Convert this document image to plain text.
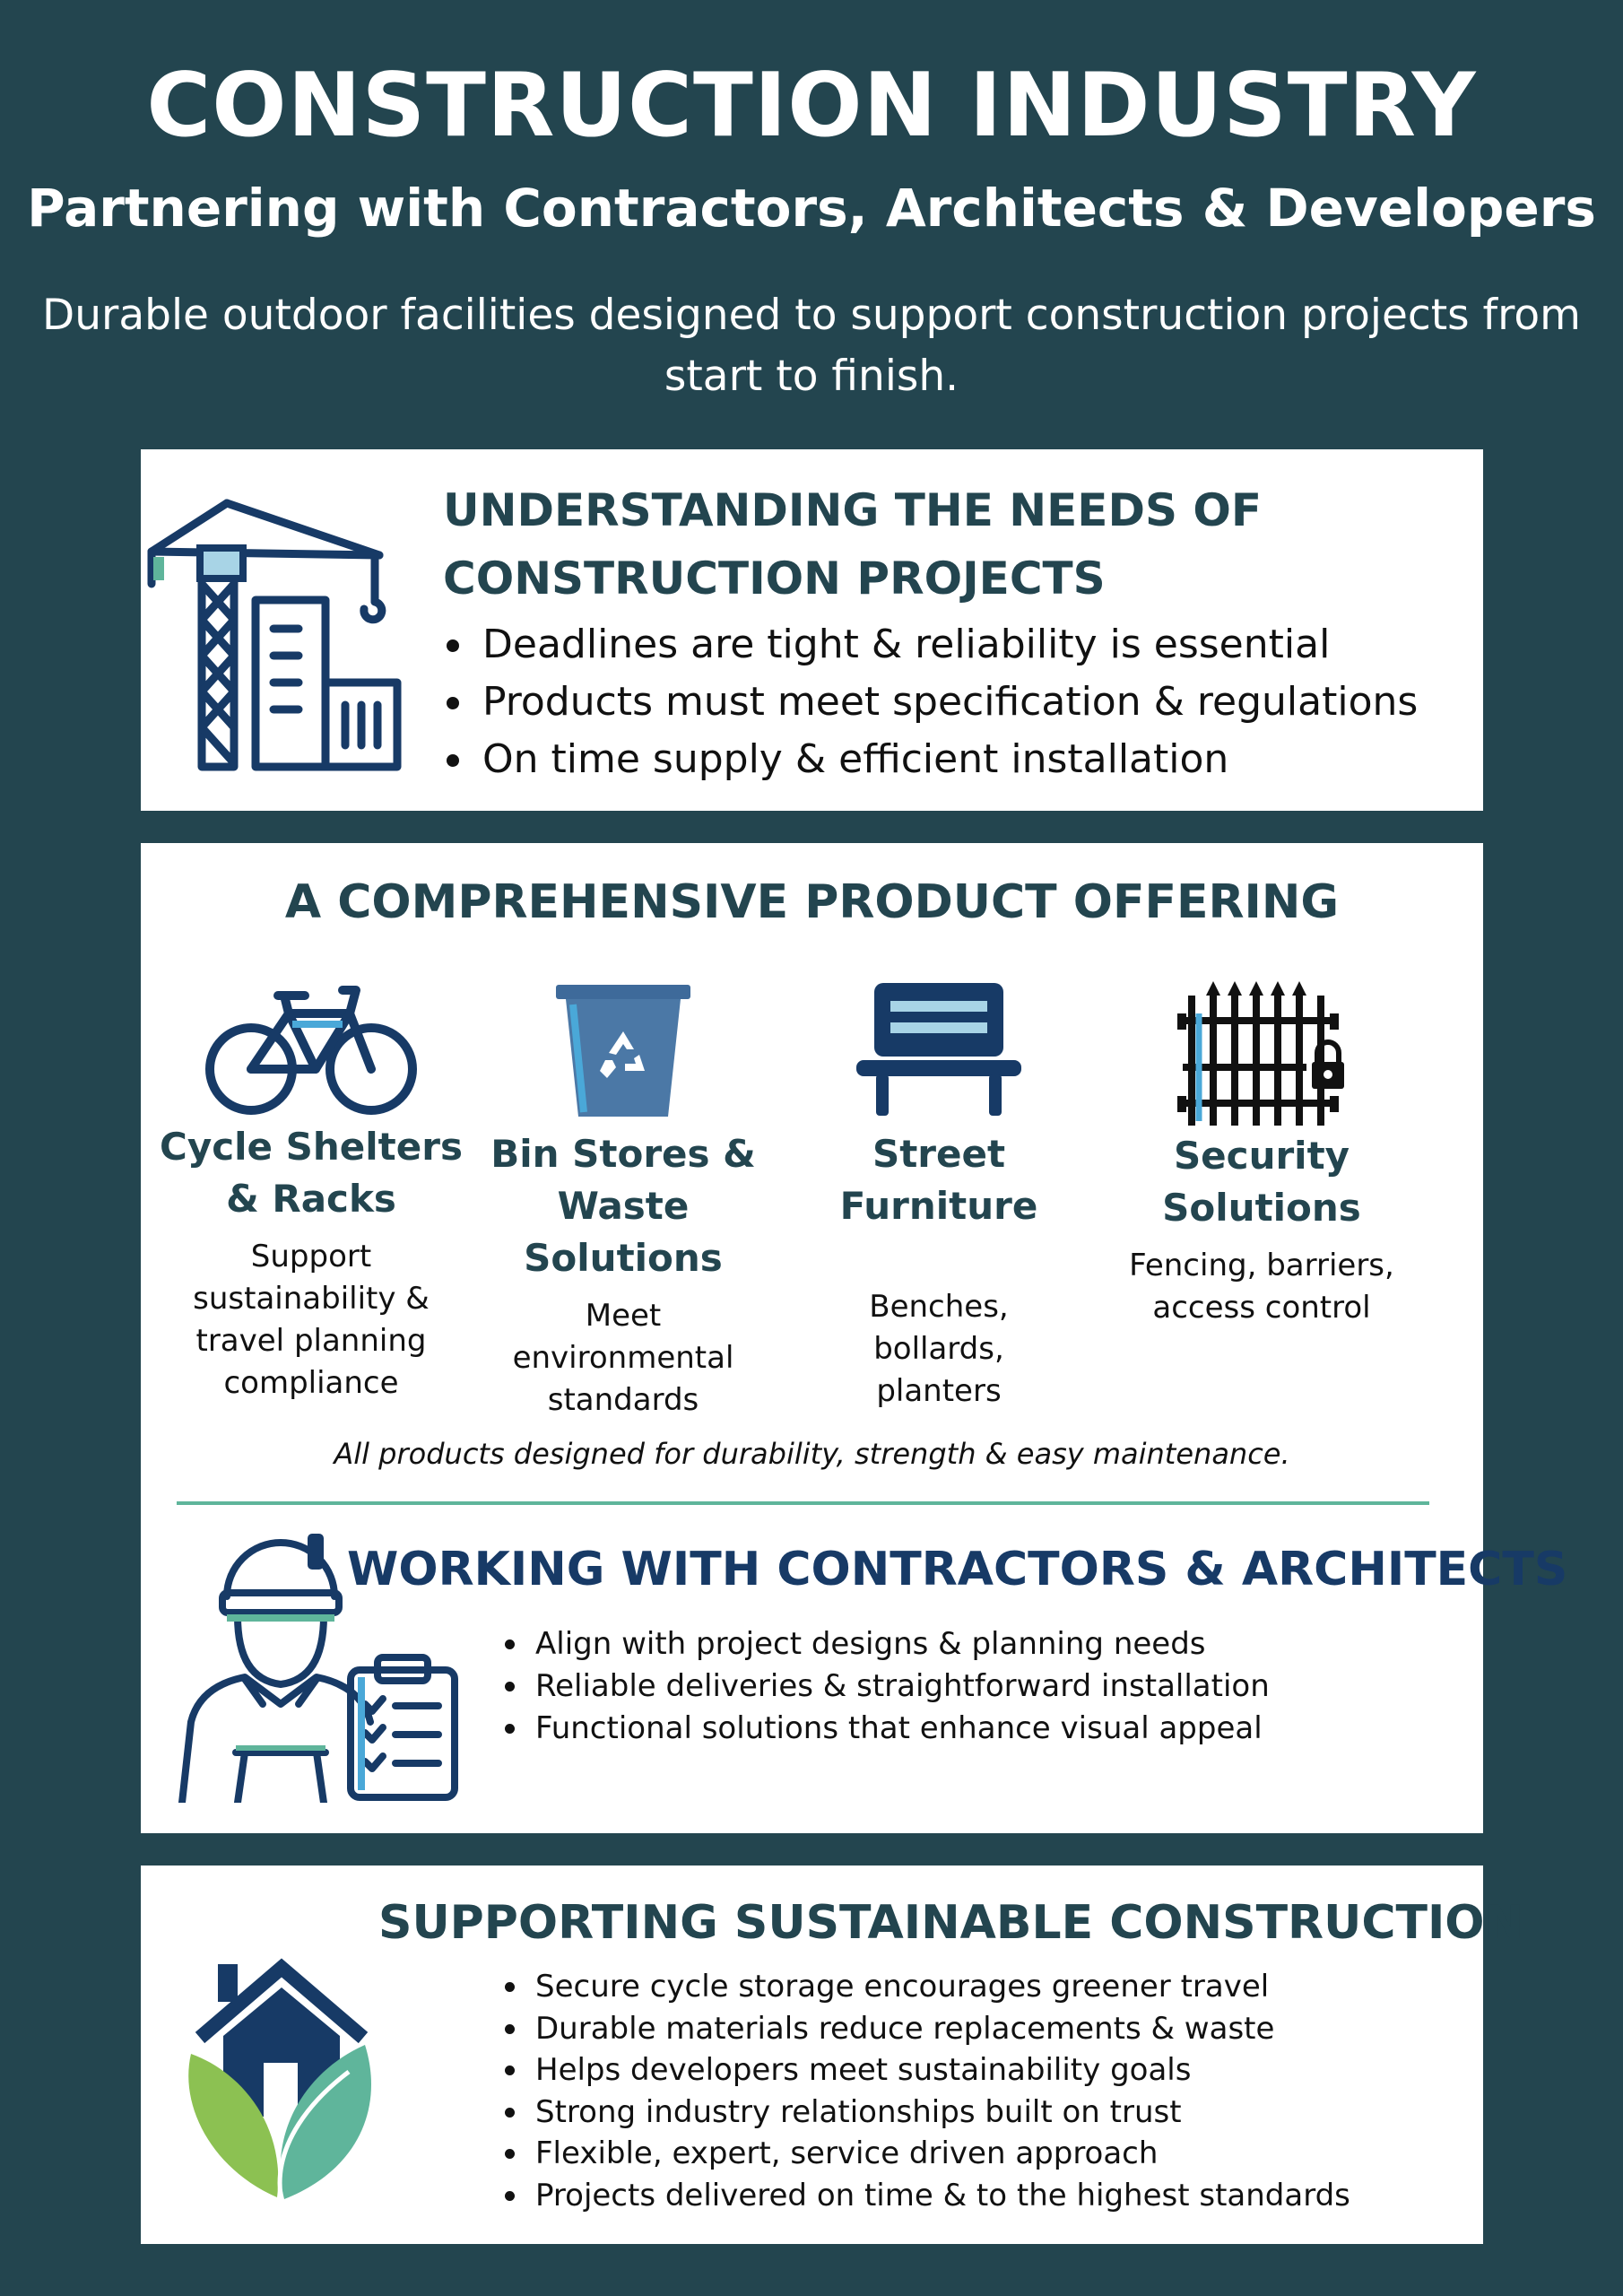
CONSTRUCTION INDUSTRY
Partnering with Contractors, Architects & Developers
Durable outdoor facilities designed to support construction projects from start to finish.
UNDERSTANDING THE NEEDS OF CONSTRUCTION PROJECTS
Deadlines are tight & reliability is essential
Products must meet specification & regulations
On time supply & efficient installation
A COMPREHENSIVE PRODUCT OFFERING
Cycle Shelters & Racks
Support sustainability & travel planning compliance
Bin Stores & Waste Solutions
Meet environmental standards
Street Furniture
Benches, bollards, planters
Security Solutions
Fencing, barriers, access control
All products designed for durability, strength & easy maintenance.
WORKING WITH CONTRACTORS & ARCHITECTS
Align with project designs & planning needs
Reliable deliveries & straightforward installation
Functional solutions that enhance visual appeal
SUPPORTING SUSTAINABLE CONSTRUCTION
Secure cycle storage encourages greener travel
Durable materials reduce replacements & waste
Helps developers meet sustainability goals
Strong industry relationships built on trust
Flexible, expert, service driven approach
Projects delivered on time & to the highest standards
